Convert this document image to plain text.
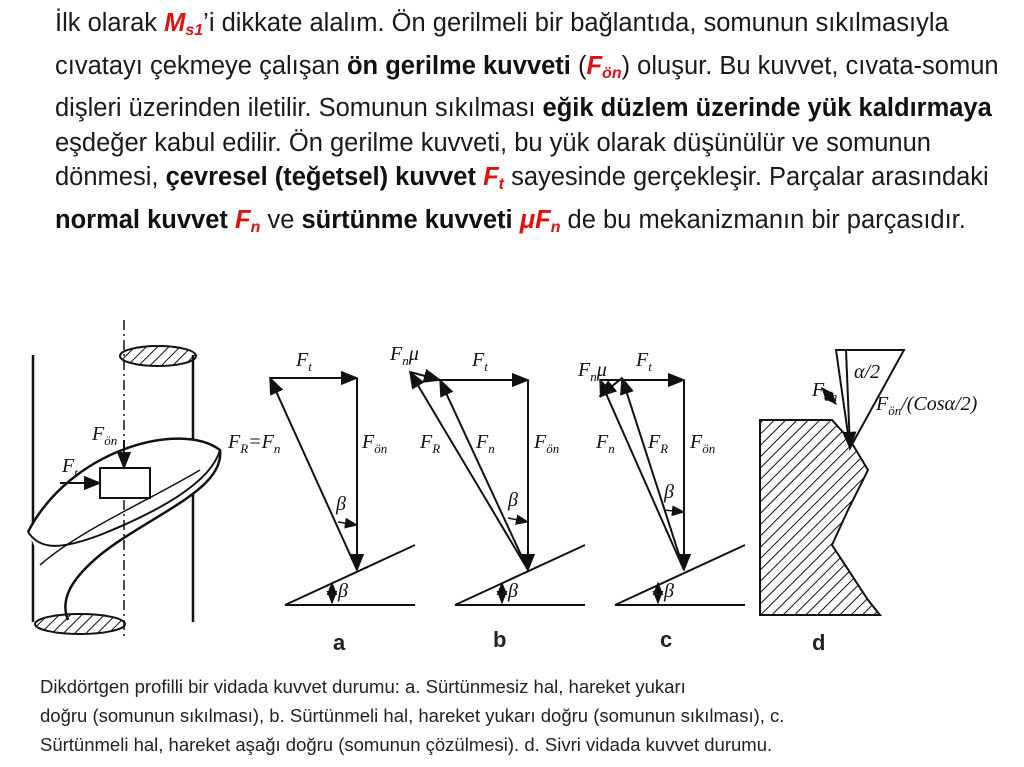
İlk olarak $M_{s1}’i$ dikkate alalım. Ön gerilmeli bir bağlantıda, somunun sıkılmasıyla cıvatayı çekmeye çalışan ön gerilme kuvveti $(F_{ön})$ oluşur. Bu kuvvet, cıvata-somun dişleri üzerinden iletilir. Somunun sıkılması eğik düzlem üzerinde yük kaldırmaya eşdeğer kabul edilir. Ön gerilme kuvveti, bu yük olarak düşünülür ve somunun dönmesi, çevresel (teğetsel) kuvvet $F_t$ sayesinde gerçekleşir. Parçalar arasındaki normal kuvvet $F_n$ ve sürtünme kuvveti $\mu F_n$ de bu mekanizmanın bir parçasıdır.
$F_{ön}$
$F_t$
$F_t$
$F_R=F_n$	$F_{ön}$
β
β
a
$F_n\mu$	$F_t$
$F_R$ $F_n$ $F_{ön}$
β
β
b
$F_n\mu$ $F_t$
$F_n$ $F_R$ $F_{ön}$
β
β
c
$F_{ön}$
α/2
$F_{ön}/(Cos\alpha/2)$
d
Dikdörtgen profilli bir vidada kuvvet durumu: a. Sürtünmesiz hal, hareket yukarı
doğru (somunun sıkılması), b. Sürtünmeli hal, hareket yukarı doğru (somunun sıkılması), c.
Sürtünmeli hal, hareket aşağı doğru (somunun çözülmesi). d. Sivri vidada kuvvet durumu.
